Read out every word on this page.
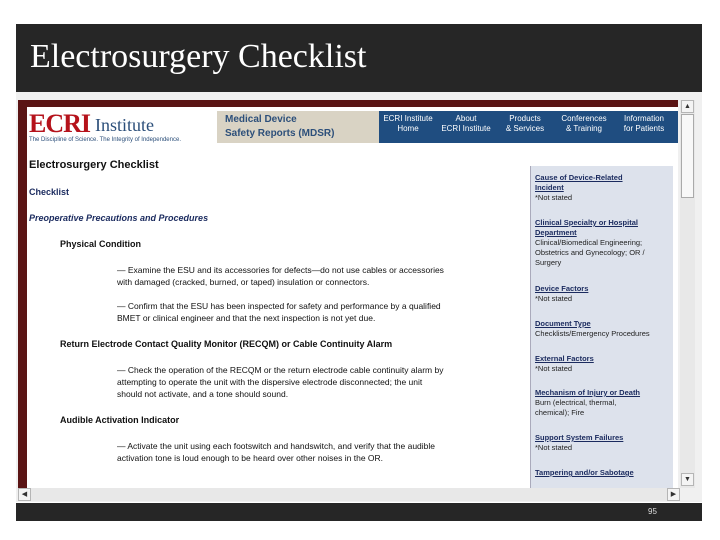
Electrosurgery Checklist
ECRI Institute
The Discipline of Science. The Integrity of Independence.
Medical Device
Safety Reports (MDSR)
ECRI Institute
Home
About
ECRI Institute
Products
& Services
Conferences
& Training
Information
for Patients
Electrosurgery Checklist
Checklist
Preoperative Precautions and Procedures
Physical Condition
— Examine the ESU and its accessories for defects—do not use cables or accessories
with damaged (cracked, burned, or taped) insulation or connectors.
— Confirm that the ESU has been inspected for safety and performance by a qualified
BMET or clinical engineer and that the next inspection is not yet due.
Return Electrode Contact Quality Monitor (RECQM) or Cable Continuity Alarm
— Check the operation of the RECQM or the return electrode cable continuity alarm by
attempting to operate the unit with the dispersive electrode disconnected; the unit
should not activate, and a tone should sound.
Audible Activation Indicator
— Activate the unit using each footswitch and handswitch, and verify that the audible
activation tone is loud enough to be heard over other noises in the OR.
Cause of Device-Related
Incident
*Not stated
Clinical Specialty or Hospital
Department
Clinical/Biomedical Engineering;
Obstetrics and Gynecology; OR /
Surgery
Device Factors
*Not stated
Document Type
Checklists/Emergency Procedures
External Factors
*Not stated
Mechanism of Injury or Death
Burn (electrical, thermal,
chemical); Fire
Support System Failures
*Not stated
Tampering and/or Sabotage
▲
▼
◀	▶
95
